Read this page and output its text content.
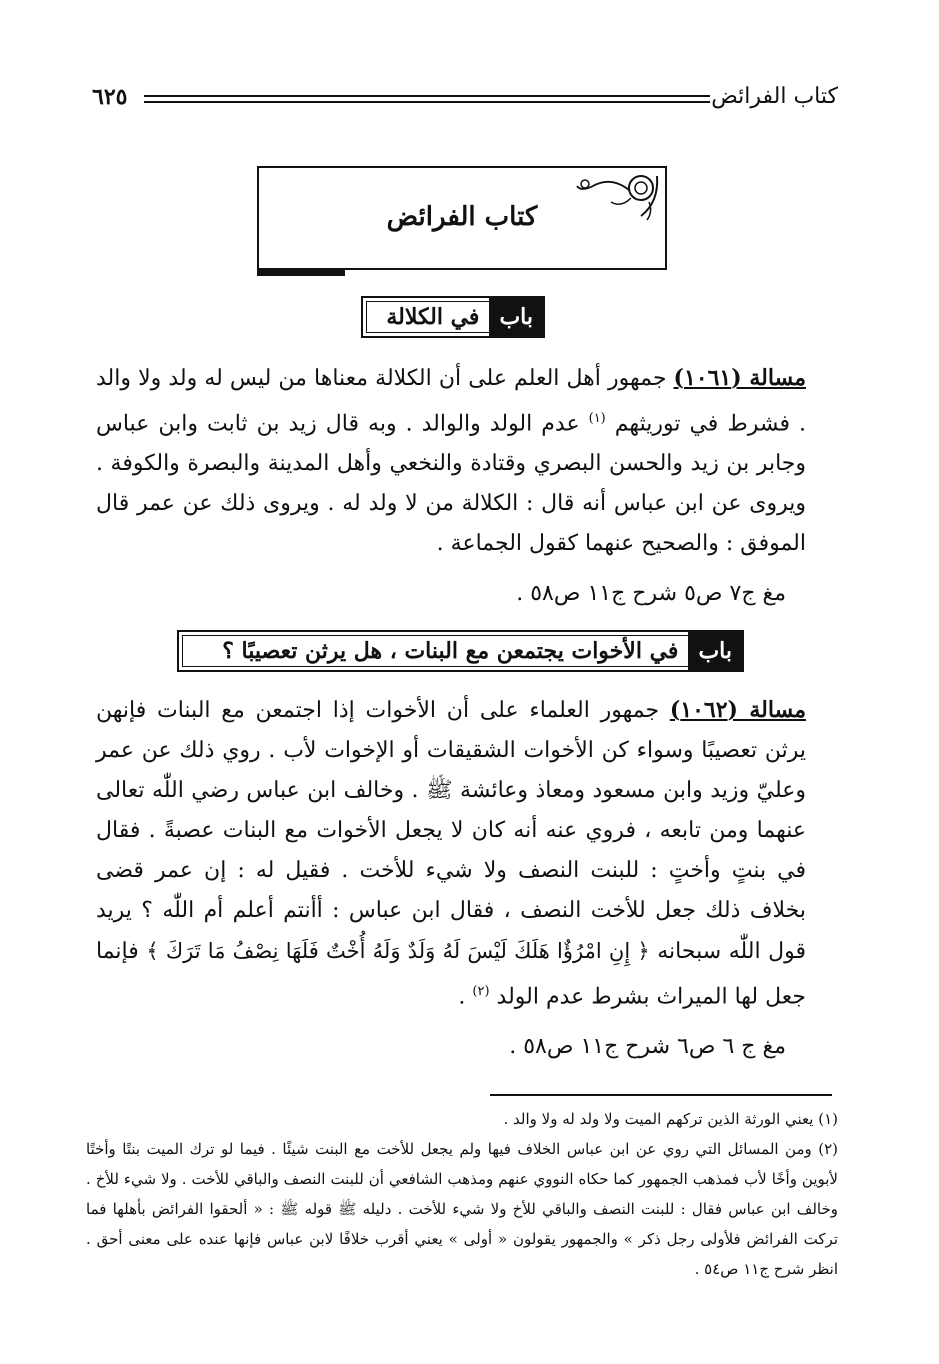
كتاب الفرائض
٦٢٥
كتاب الفرائض
باب
في الكلالة

مسالة (١٠٦١) جمهور أهل العلم على أن الكلالة معناها من ليس له ولد ولا والد . فشرط في توريثهم $^{(١)}$ عدم الولد والوالد . وبه قال زيد بن ثابت وابن عباس وجابر بن زيد والحسن البصري وقتادة والنخعي وأهل المدينة والبصرة والكوفة . ويروى عن ابن عباس أنه قال : الكلالة من لا ولد له . ويروى ذلك عن عمر قال الموفق : والصحيح عنهما كقول الجماعة .

مغ ج٧ ص٥ شرح ج١١ ص٥٨ .

باب
في الأخوات يجتمعن مع البنات ، هل يرثن تعصيبًا ؟

مسالة (١٠٦٢) جمهور العلماء على أن الأخوات إذا اجتمعن مع البنات فإنهن يرثن تعصيبًا وسواء كن الأخوات الشقيقات أو الإخوات لأب . روي ذلك عن عمر وعليّ وزيد وابن مسعود ومعاذ وعائشة ﷺ . وخالف ابن عباس رضي اللّٰه تعالى عنهما ومن تابعه ، فروي عنه أنه كان لا يجعل الأخوات مع البنات عصبةً . فقال في بنتٍ وأختٍ : للبنت النصف ولا شيء للأخت . فقيل له : إن عمر قضى بخلاف ذلك جعل للأخت النصف ، فقال ابن عباس : أأنتم أعلم أم اللّٰه ؟ يريد قول اللّٰه سبحانه ﴿ إِنِ امْرُؤٌا هَلَكَ لَيْسَ لَهُ وَلَدٌ وَلَهُ أُخْتٌ فَلَهَا نِصْفُ مَا تَرَكَ ﴾ فإنما جعل لها الميراث بشرط عدم الولد $^{(٢)}$ .

مغ ج ٦ ص٦ شرح ج١١ ص٥٨ .

(١) يعني الورثة الذين تركهم الميت ولا ولد له ولا والد .

(٢) ومن المسائل التي روي عن ابن عباس الخلاف فيها ولم يجعل للأخت مع البنت شيئًا . فيما لو ترك الميت بنتًا وأختًا لأبوين وأخًا لأب فمذهب الجمهور كما حكاه النووي عنهم ومذهب الشافعي أن للبنت النصف والباقي للأخت . ولا شيء للأخ . وخالف ابن عباس فقال : للبنت النصف والباقي للأخ ولا شيء للأخت . دليله ﷺ قوله ﷺ : « ألحقوا الفرائض بأهلها فما تركت الفرائض فلأولى رجل ذكر » والجمهور يقولون « أولى » يعني أقرب خلافًا لابن عباس فإنها عنده على معنى أحق . انظر شرح ج١١ ص٥٤ .
